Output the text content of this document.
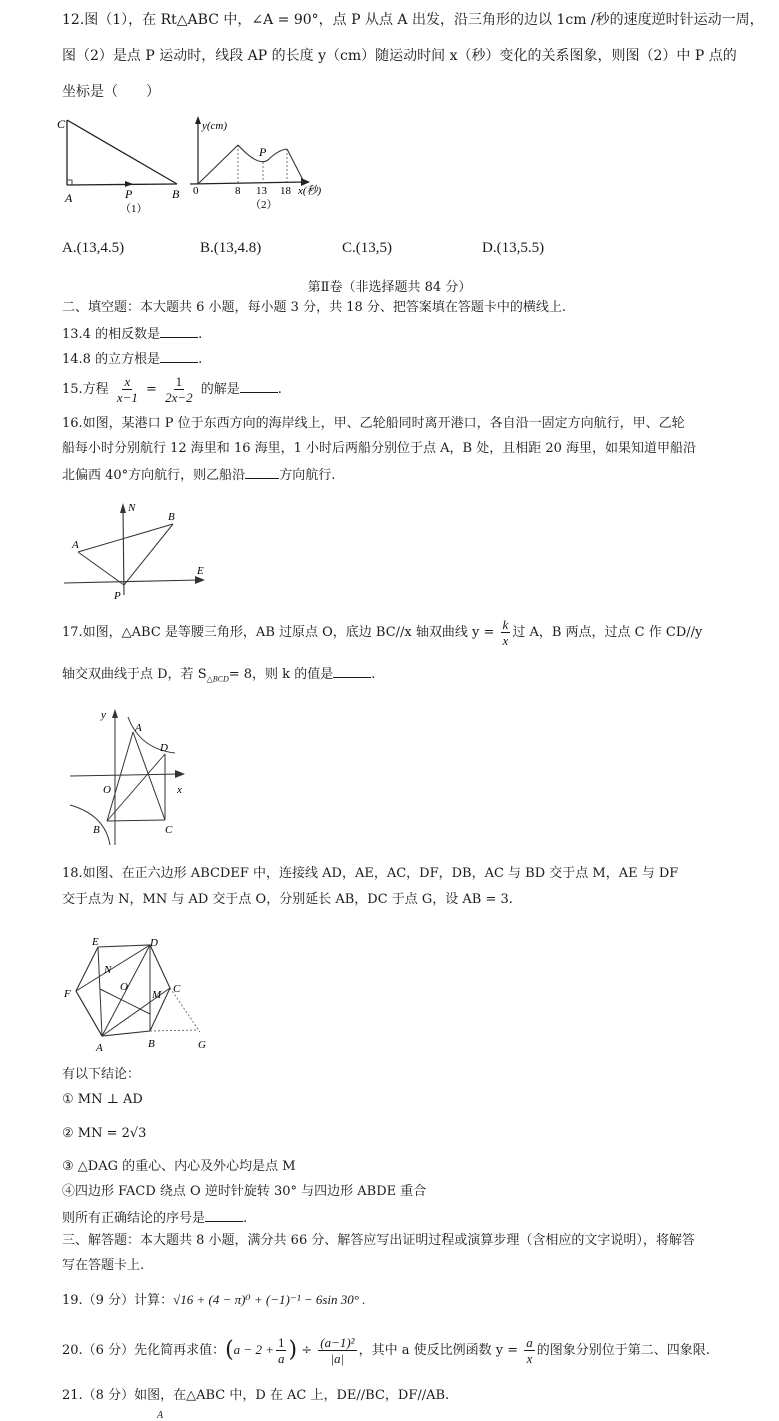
12.图（1），在 Rt△ABC 中，∠A = 90°，点 P 从点 A 出发，沿三角形的边以 1cm /秒的速度逆时针运动一周，
图（2）是点 P 运动时，线段 AP 的长度 y（cm）随运动时间 x（秒）变化的关系图象，则图（2）中 P 点的
坐标是（　　）
C
A	P	B
（1）
y(cm)
P
0	8 13 18 x(秒)
（2）
A.(13,4.5)	B.(13,4.8)	C.(13,5)	D.(13,5.5)
第Ⅱ卷（非选择题共 84 分）
二、填空题：本大题共 6 小题，每小题 3 分，共 18 分、把答案填在答题卡中的横线上.
13.4 的相反数是	.
14.8 的立方根是	.
15.方程 $\frac{x}{x-1} = \frac{1}{2x-2}$ 的解是	.
16.如图，某港口 P 位于东西方向的海岸线上，甲、乙轮船同时离开港口，各自沿一固定方向航行，甲、乙轮
船每小时分别航行 12 海里和 16 海里，1 小时后两船分别位于点 A，B 处，且相距 20 海里，如果知道甲船沿
北偏西 40°方向航行，则乙船沿	方向航行.
N
A
B
E
P
17.如图，△ABC 是等腰三角形，AB 过原点 O，底边 BC//x 轴双曲线 $y = \frac{k}{x}$ 过 A，B 两点，过点 C 作 CD//y
轴交双曲线于点 D，若 $S_{\triangle BCD}= 8$，则 k 的值是	.
y
A
D
O	x
B	C
18.如图、在正六边形 ABCDEF 中，连接线 AD，AE，AC，DF，DB，AC 与 BD 交于点 M，AE 与 DF
交于点为 N，MN 与 AD 交于点 O，分别延长 AB，DC 于点 G，设 AB = 3.
E	D
N
O
M C
F
A	B	G
有以下结论：
① MN ⊥ AD
② MN = 2√3
③ △DAG 的重心、内心及外心均是点 M
④四边形 FACD 绕点 O 逆时针旋转 30° 与四边形 ABDE 重合
则所有正确结论的序号是	.
三、解答题：本大题共 8 小题，满分共 66 分、解答应写出证明过程或演算步理（含相应的文字说明），将解答
写在答题卡上.
19.（9 分）计算：√16 + (4 − π)⁰ + (−1)⁻¹ − 6sin 30° .
20.（6 分）先化简再求值：($a - 2 + \frac{1}{a}$ ) ÷ $\frac{\text{(a−1)²}}{|a|}$ ，其中 a 使反比例函数 $y = \frac{a}{x}$ 的图象分别位于第二、四象限.
21.（8 分）如图，在△ABC 中，D 在 AC 上，DE//BC，DF//AB.
A
